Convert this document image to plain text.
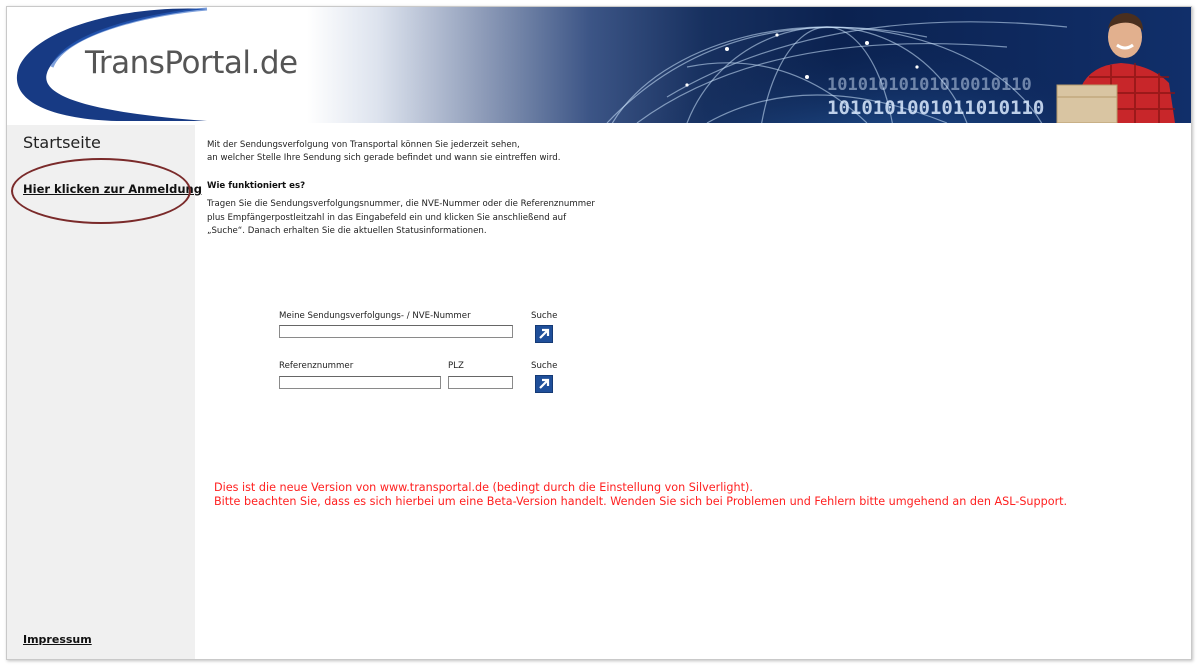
10101010101010010110
1010101001011010110
TransPortal.de
Startseite
Hier klicken zur Anmeldung
Impressum
Mit der Sendungsverfolgung von Transportal können Sie jederzeit sehen,
an welcher Stelle Ihre Sendung sich gerade befindet und wann sie eintreffen wird.
Wie funktioniert es?
Tragen Sie die Sendungsverfolgungsnummer, die NVE-Nummer oder die Referenznummer
plus Empfängerpostleitzahl in das Eingabefeld ein und klicken Sie anschließend auf
„Suche“. Danach erhalten Sie die aktuellen Statusinformationen.
Meine Sendungsverfolgungs- / NVE-Nummer	Suche
Referenznummer	PLZ	Suche
Dies ist die neue Version von www.transportal.de (bedingt durch die Einstellung von Silverlight).
Bitte beachten Sie, dass es sich hierbei um eine Beta-Version handelt. Wenden Sie sich bei Problemen und Fehlern bitte umgehend an den ASL-Support.
